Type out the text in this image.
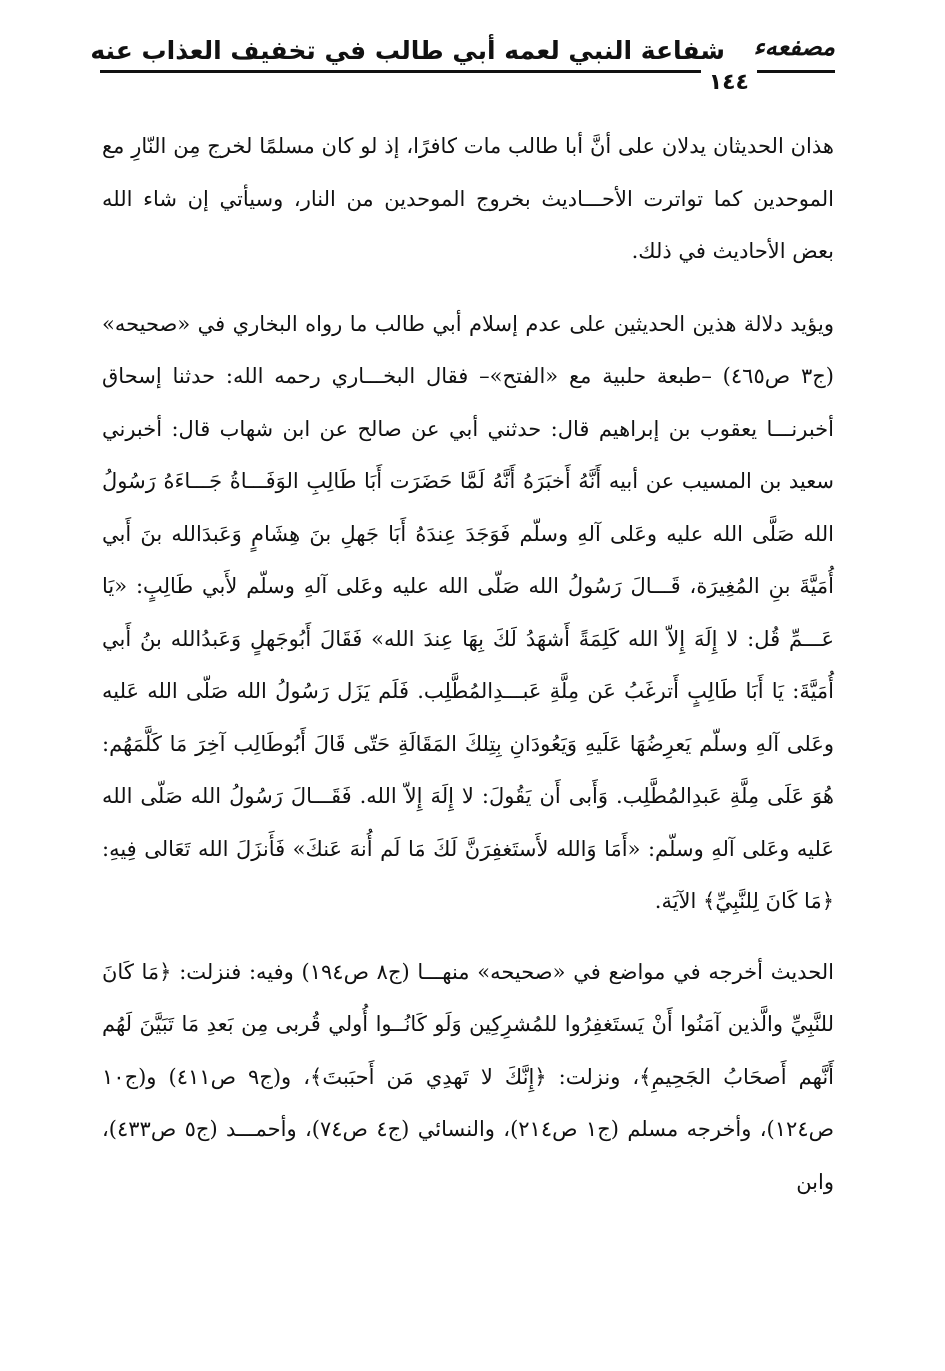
شفاعة النبي لعمه أبي طالب في تخفيف العذاب عنه مصفعهء
١٤٤

هذان الحديثان يدلان على أنَّ أبا طالب مات كافرًا، إذ لو كان مسلمًا لخرج مِن النّارِ مع الموحدين كما تواترت الأحـــاديث بخروج الموحدين من النار، وسيأتي إن شاء الله بعض الأحاديث في ذلك.

ويؤيد دلالة هذين الحديثين على عدم إسلام أبي طالب ما رواه البخاري في «صحيحه» (ج٣ ص٤٦٥) –طبعة حلبية مع «الفتح»– فقال البخـــاري رحمه الله: حدثنا إسحاق أخبرنـــا يعقوب بن إبراهيم قال: حدثني أبي عن صالح عن ابن شهاب قال: أخبرني سعيد بن المسيب عن أبيه أَنَّهُ أَخبَرَهُ أَنَّهُ لَمَّا حَضَرَت أَبَا طَالِبِ الوَفَـــاةُ جَـــاءَهُ رَسُولُ الله صَلَّى الله عليه وعَلى آلهِ وسلّم فَوَجَدَ عِندَهُ أَبَا جَهلِ بنَ هِشَامٍ وَعَبدَالله بنَ أَبي أُمَيَّةَ بنِ المُغِيرَة، قَـــالَ رَسُولُ الله صَلّى الله عليه وعَلى آلهِ وسلّم لأَبي طَالِبٍ: «يَا عَـــمِّ قُل: لا إِلَهَ إِلاّ الله كَلِمَةً أَشهَدُ لَكَ بِهَا عِندَ الله» فَقَالَ أَبُوجَهلٍ وَعَبدُالله بنُ أَبي أُمَيَّةَ: يَا أَبَا طَالِبٍ أَترغَبُ عَن مِلَّةِ عَبـــدِالمُطَّلِب. فَلَم يَزَل رَسُولُ الله صَلّى الله عَليه وعَلى آلهِ وسلّم يَعرِضُهَا عَلَيهِ وَيَعُودَانِ بِتِلكَ المَقَالَةِ حَتّى قَالَ أَبُوطَالِب آخِرَ مَا كَلَّمَهُم: هُوَ عَلَى مِلَّةِ عَبدِالمُطَّلِب. وَأَبى أَن يَقُولَ: لا إِلَهَ إِلاّ الله. فَقَـــالَ رَسُولُ الله صَلّى الله عَليه وعَلى آلهِ وسلّم: «أَمَا وَالله لأَستَغفِرَنَّ لَكَ مَا لَم أُنهَ عَنكَ» فَأَنزَلَ الله تَعَالى فِيهِ: ﴿مَا كَانَ لِلنَّبِيِّ﴾ الآيَة.

الحديث أخرجه في مواضع في «صحيحه» منهـــا (ج٨ ص١٩٤) وفيه: فنزلت: ﴿مَا كَانَ للنَّبِيِّ والَّذين آمَنُوا أَنْ يَستَغفِرُوا للمُشرِكِين وَلَو كَانُــوا أُولي قُربى مِن بَعدِ مَا تَبَيَّنَ لَهُم أَنَّهم أَصحَابُ الجَحِيمِ﴾، ونزلت: ﴿إِنَّكَ لا تَهدِي مَن أَحبَبتَ﴾، و(ج٩ ص٤١١) و(ج١٠ ص١٢٤)، وأخرجه مسلم (ج١ ص٢١٤)، والنسائي (ج٤ ص٧٤)، وأحمـــد (ج٥ ص٤٣٣)، وابن
